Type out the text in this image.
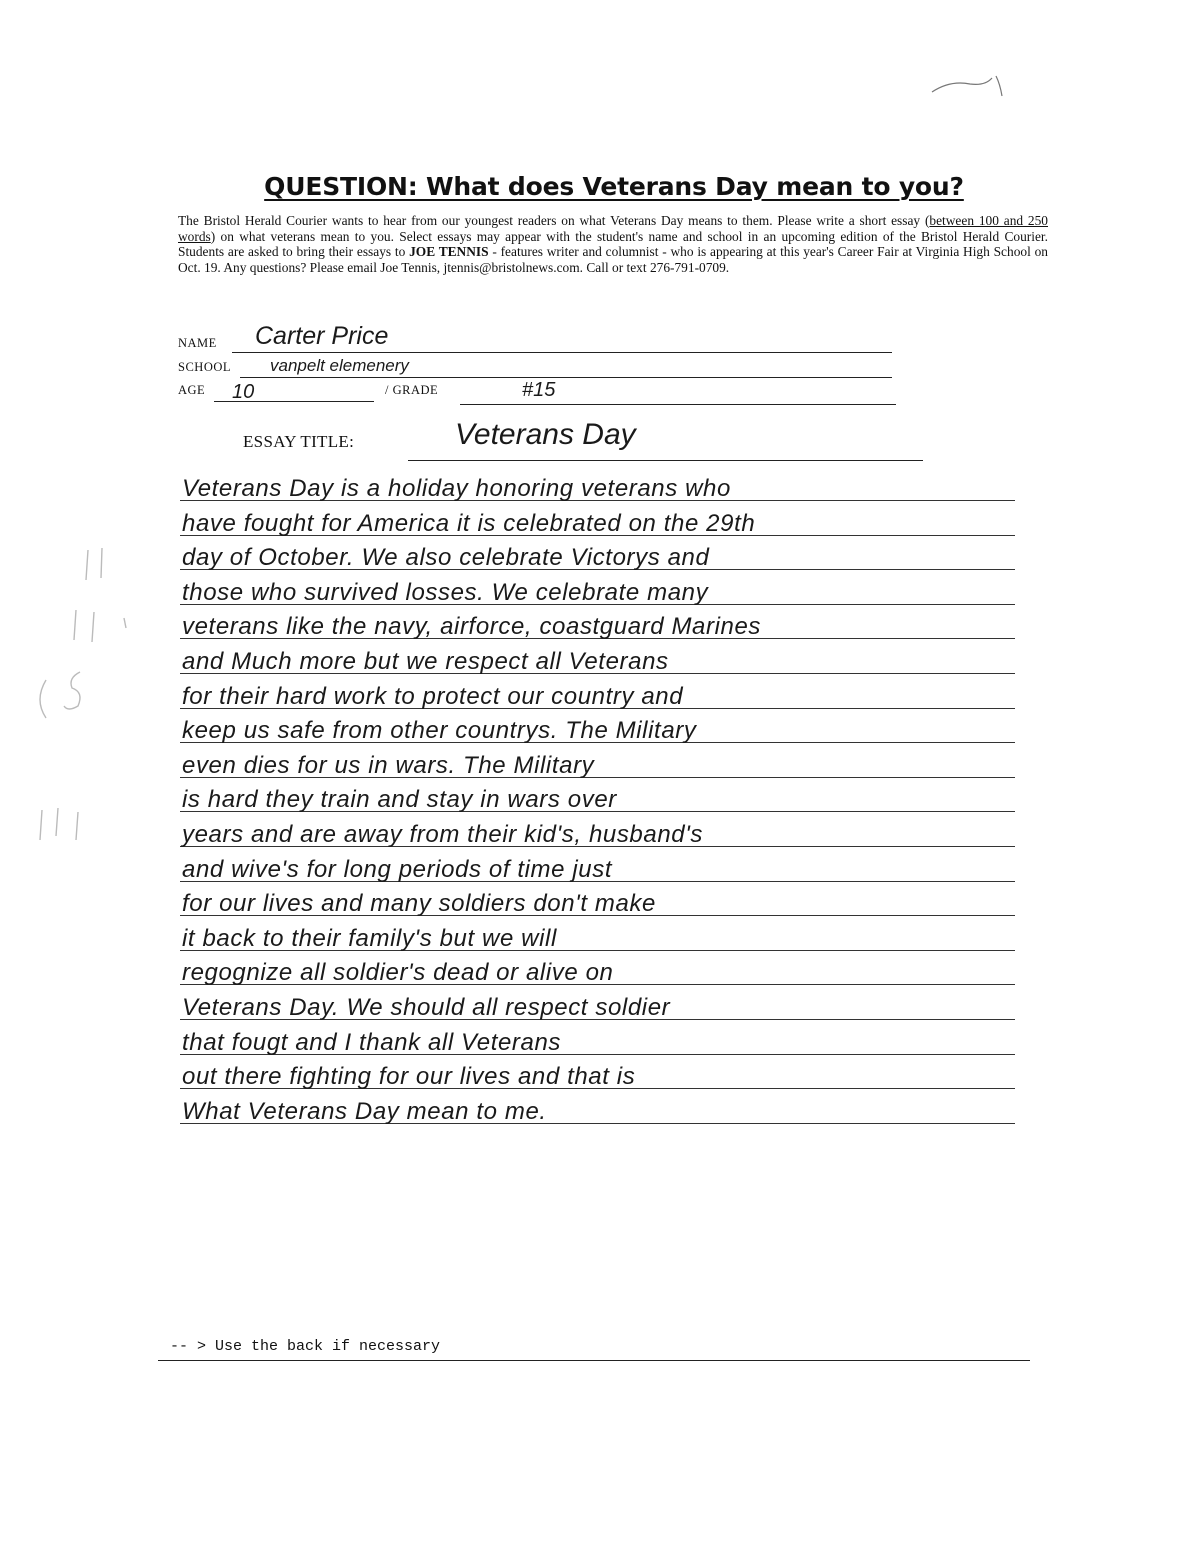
QUESTION: What does Veterans Day mean to you?

The Bristol Herald Courier wants to hear from our youngest readers on what Veterans Day means to them. Please write a short essay (between 100 and 250 words) on what veterans mean to you. Select essays may appear with the student's name and school in an upcoming edition of the Bristol Herald Courier. Students are asked to bring their essays to JOE TENNIS - features writer and columnist - who is appearing at this year's Career Fair at Virginia High School on Oct. 19. Any questions? Please email Joe Tennis, jtennis@bristolnews.com. Call or text 276-791-0709.

NAME Carter Price
SCHOOL vanpelt elemenery
AGE 10	/ GRADE	#15
ESSAY TITLE:	Veterans Day
Veterans Day is a holiday honoring veterans who
have fought for America it is celebrated on the 29th
day of October. We also celebrate Victorys and
those who survived losses. We celebrate many
veterans like the navy, airforce, coastguard Marines
and Much more but we respect all Veterans
for their hard work to protect our country and
keep us safe from other countrys. The Military
even dies for us in wars. The Military
is hard they train and stay in wars over
years and are away from their kid's, husband's
and wive's for long periods of time just
for our lives and many soldiers don't make
it back to their family's but we will
regognize all soldier's dead or alive on
Veterans Day. We should all respect soldier
that fougt and I thank all Veterans
out there fighting for our lives and that is
What Veterans Day mean to me.
-- > Use the back if necessary
